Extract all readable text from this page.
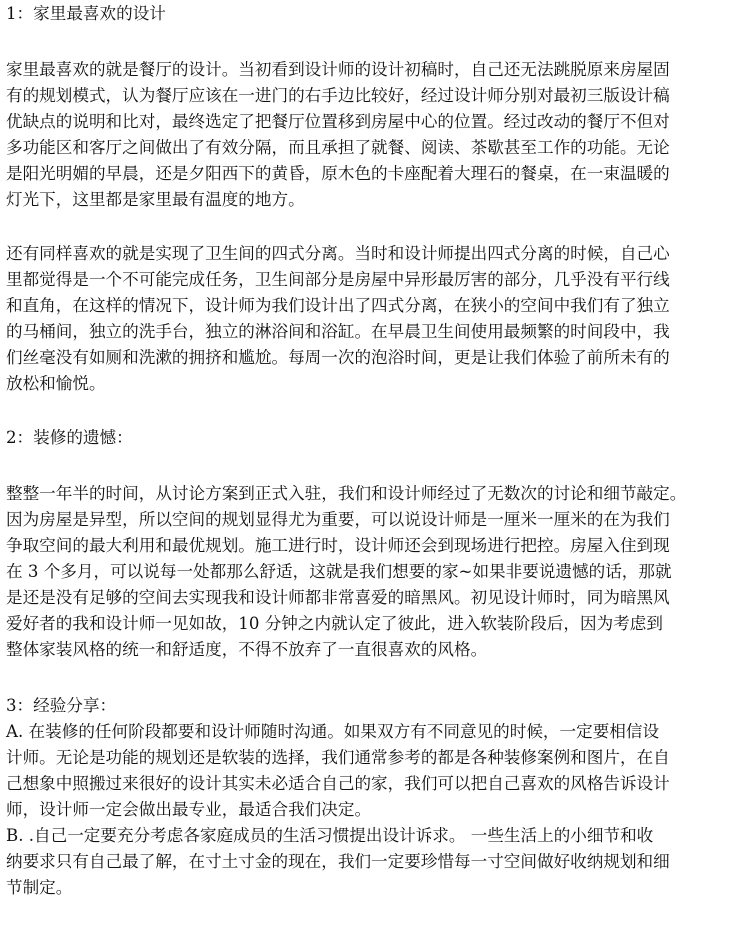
1：家里最喜欢的设计
家里最喜欢的就是餐厅的设计。当初看到设计师的设计初稿时，自己还无法跳脱原来房屋固
有的规划模式，认为餐厅应该在一进门的右手边比较好，经过设计师分别对最初三版设计稿
优缺点的说明和比对，最终选定了把餐厅位置移到房屋中心的位置。经过改动的餐厅不但对
多功能区和客厅之间做出了有效分隔，而且承担了就餐、阅读、茶歇甚至工作的功能。无论
是阳光明媚的早晨，还是夕阳西下的黄昏，原木色的卡座配着大理石的餐桌，在一束温暖的
灯光下，这里都是家里最有温度的地方。
还有同样喜欢的就是实现了卫生间的四式分离。当时和设计师提出四式分离的时候，自己心
里都觉得是一个不可能完成任务，卫生间部分是房屋中异形最厉害的部分，几乎没有平行线
和直角，在这样的情况下，设计师为我们设计出了四式分离，在狭小的空间中我们有了独立
的马桶间，独立的洗手台，独立的淋浴间和浴缸。在早晨卫生间使用最频繁的时间段中，我
们丝毫没有如厕和洗漱的拥挤和尴尬。每周一次的泡浴时间，更是让我们体验了前所未有的
放松和愉悦。
2：装修的遗憾：
整整一年半的时间，从讨论方案到正式入驻，我们和设计师经过了无数次的讨论和细节敲定。
因为房屋是异型，所以空间的规划显得尤为重要，可以说设计师是一厘米一厘米的在为我们
争取空间的最大利用和最优规划。施工进行时，设计师还会到现场进行把控。房屋入住到现
在 3 个多月，可以说每一处都那么舒适，这就是我们想要的家~如果非要说遗憾的话，那就
是还是没有足够的空间去实现我和设计师都非常喜爱的暗黑风。初见设计师时，同为暗黑风
爱好者的我和设计师一见如故，10 分钟之内就认定了彼此，进入软装阶段后，因为考虑到
整体家装风格的统一和舒适度，不得不放弃了一直很喜欢的风格。
3：经验分享：
A. 在装修的任何阶段都要和设计师随时沟通。如果双方有不同意见的时候，一定要相信设
计师。无论是功能的规划还是软装的选择，我们通常参考的都是各种装修案例和图片，在自
己想象中照搬过来很好的设计其实未必适合自己的家，我们可以把自己喜欢的风格告诉设计
师，设计师一定会做出最专业，最适合我们决定。
B. .自己一定要充分考虑各家庭成员的生活习惯提出设计诉求。 一些生活上的小细节和收
纳要求只有自己最了解，在寸土寸金的现在，我们一定要珍惜每一寸空间做好收纳规划和细
节制定。
